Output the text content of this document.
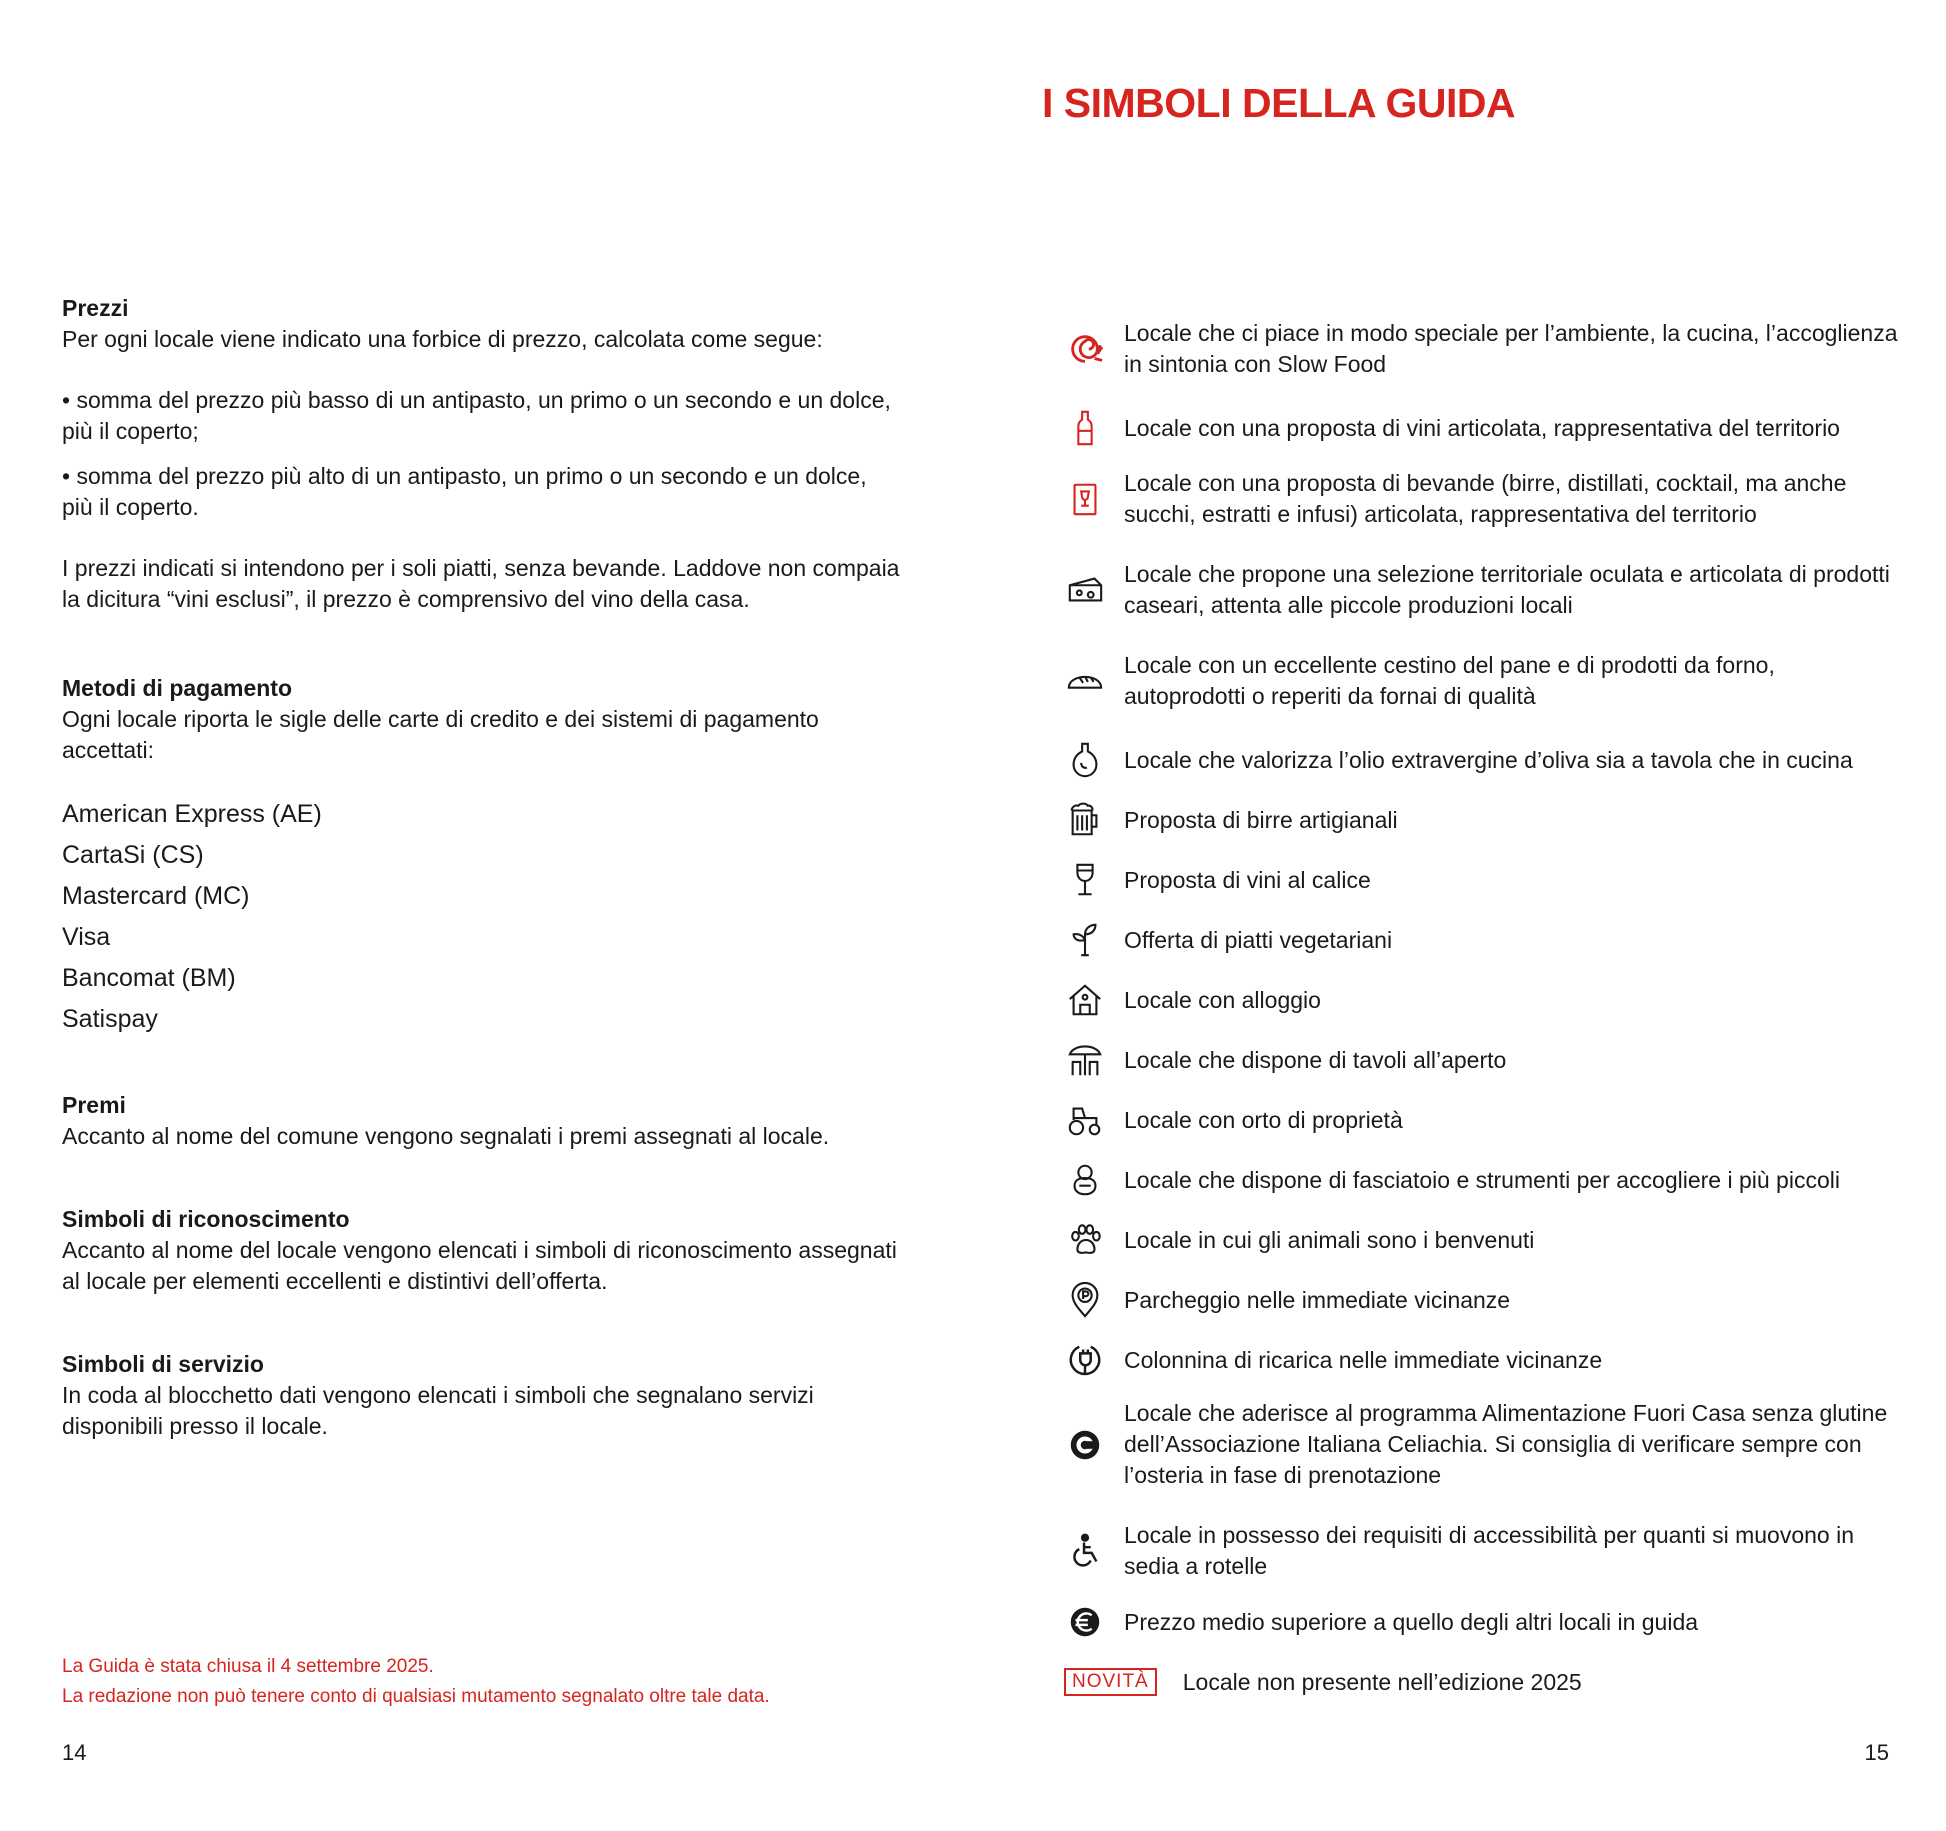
I SIMBOLI DELLA GUIDA
Prezzi

Per ogni locale viene indicato una forbice di prezzo, calcolata come segue:

• somma del prezzo più basso di un antipasto, un primo o un secondo e un dolce, più il coperto;

• somma del prezzo più alto di un antipasto, un primo o un secondo e un dolce, più il coperto.

I prezzi indicati si intendono per i soli piatti, senza bevande. Laddove non compaia la dicitura “vini esclusi”, il prezzo è comprensivo del vino della casa.

Metodi di pagamento

Ogni locale riporta le sigle delle carte di credito e dei sistemi di pagamento accettati:

American Express (AE)
CartaSi (CS)
Mastercard (MC)
Visa
Bancomat (BM)
Satispay
Premi

Accanto al nome del comune vengono segnalati i premi assegnati al locale.

Simboli di riconoscimento

Accanto al nome del locale vengono elencati i simboli di riconoscimento assegnati al locale per elementi eccellenti e distintivi dell’offerta.

Simboli di servizio

In coda al blocchetto dati vengono elencati i simboli che segnalano servizi disponibili presso il locale.

La Guida è stata chiusa il 4 settembre 2025.
La redazione non può tenere conto di qualsiasi mutamento segnalato oltre tale data.
14	15
Locale che ci piace in modo speciale per l’ambiente, la cucina, l’accoglienza in sintonia con Slow Food
Locale con una proposta di vini articolata, rappresentativa del territorio
Locale con una proposta di bevande (birre, distillati, cocktail, ma anche succhi, estratti e infusi) articolata, rappresentativa del territorio
Locale che propone una selezione territoriale oculata e articolata di prodotti caseari, attenta alle piccole produzioni locali
Locale con un eccellente cestino del pane e di prodotti da forno, autoprodotti o reperiti da fornai di qualità
Locale che valorizza l’olio extravergine d’oliva sia a tavola che in cucina
Proposta di birre artigianali
Proposta di vini al calice
Offerta di piatti vegetariani
Locale con alloggio
Locale che dispone di tavoli all’aperto
Locale con orto di proprietà
Locale che dispone di fasciatoio e strumenti per accogliere i più piccoli
Locale in cui gli animali sono i benvenuti
Parcheggio nelle immediate vicinanze
Colonnina di ricarica nelle immediate vicinanze
Locale che aderisce al programma Alimentazione Fuori Casa senza glutine dell’Associazione Italiana Celiachia. Si consiglia di verificare sempre con l’osteria in fase di prenotazione
Locale in possesso dei requisiti di accessibilità per quanti si muovono in sedia a rotelle
Prezzo medio superiore a quello degli altri locali in guida
NOVITÀ	Locale non presente nell’edizione 2025
